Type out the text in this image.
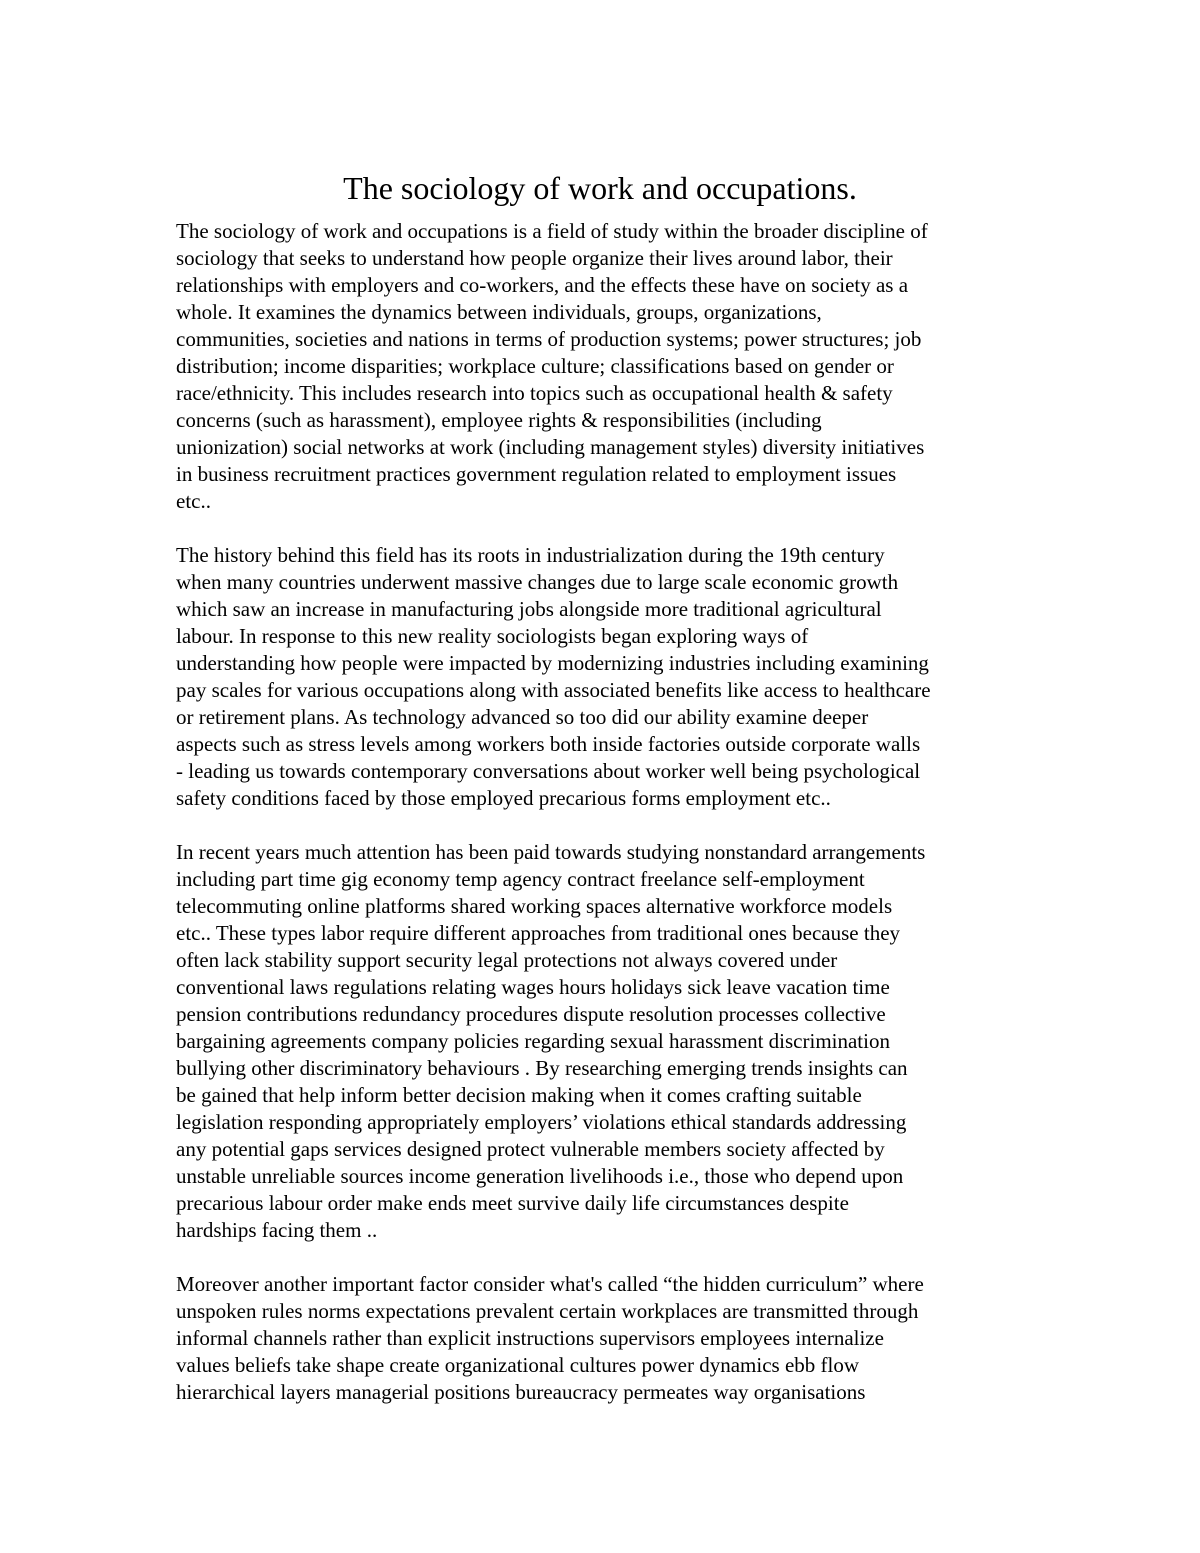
The sociology of work and occupations.

The sociology of work and occupations is a field of study within the broader discipline of
sociology that seeks to understand how people organize their lives around labor, their
relationships with employers and co-workers, and the effects these have on society as a
whole. It examines the dynamics between individuals, groups, organizations,
communities, societies and nations in terms of production systems; power structures; job
distribution; income disparities; workplace culture; classifications based on gender or
race/ethnicity. This includes research into topics such as occupational health & safety
concerns (such as harassment), employee rights & responsibilities (including
unionization) social networks at work (including management styles) diversity initiatives
in business recruitment practices government regulation related to employment issues
etc..

The history behind this field has its roots in industrialization during the 19th century
when many countries underwent massive changes due to large scale economic growth
which saw an increase in manufacturing jobs alongside more traditional agricultural
labour. In response to this new reality sociologists began exploring ways of
understanding how people were impacted by modernizing industries including examining
pay scales for various occupations along with associated benefits like access to healthcare
or retirement plans. As technology advanced so too did our ability examine deeper
aspects such as stress levels among workers both inside factories outside corporate walls
- leading us towards contemporary conversations about worker well being psychological
safety conditions faced by those employed precarious forms employment etc..

In recent years much attention has been paid towards studying nonstandard arrangements
including part time gig economy temp agency contract freelance self-employment
telecommuting online platforms shared working spaces alternative workforce models
etc.. These types labor require different approaches from traditional ones because they
often lack stability support security legal protections not always covered under
conventional laws regulations relating wages hours holidays sick leave vacation time
pension contributions redundancy procedures dispute resolution processes collective
bargaining agreements company policies regarding sexual harassment discrimination
bullying other discriminatory behaviours . By researching emerging trends insights can
be gained that help inform better decision making when it comes crafting suitable
legislation responding appropriately employers’ violations ethical standards addressing
any potential gaps services designed protect vulnerable members society affected by
unstable unreliable sources income generation livelihoods i.e., those who depend upon
precarious labour order make ends meet survive daily life circumstances despite
hardships facing them ..

Moreover another important factor consider what's called “the hidden curriculum” where
unspoken rules norms expectations prevalent certain workplaces are transmitted through
informal channels rather than explicit instructions supervisors employees internalize
values beliefs take shape create organizational cultures power dynamics ebb flow
hierarchical layers managerial positions bureaucracy permeates way organisations
